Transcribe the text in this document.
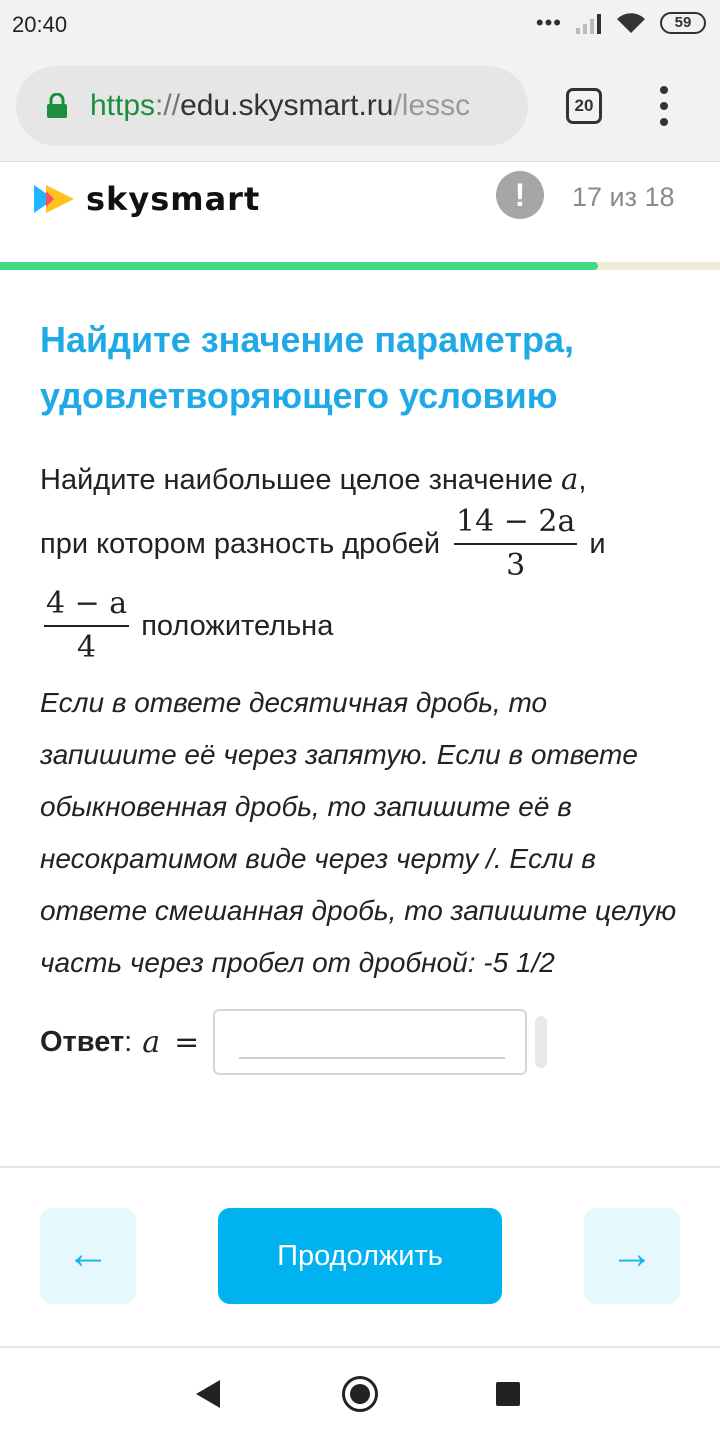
20:40	•••	59
https://edu.skysmart.ru/lessc	20
skysmart	!	17 из 18
Найдите значение параметра, удовлетворяющего условию
Найдите наибольшее целое значение a,
при котором разность дробей $\frac{14 - 2a}{3}$ и
$\frac{4 - a}{4}$ положительна

Если в ответе десятичная дробь, то запишите её через запятую. Если в ответе обыкновенная дробь, то запишите её в несократимом виде через черту /. Если в ответе смешанная дробь, то запишите целую часть через пробел от дробной: -5 1/2

Ответ : a =
←	Продолжить	→
